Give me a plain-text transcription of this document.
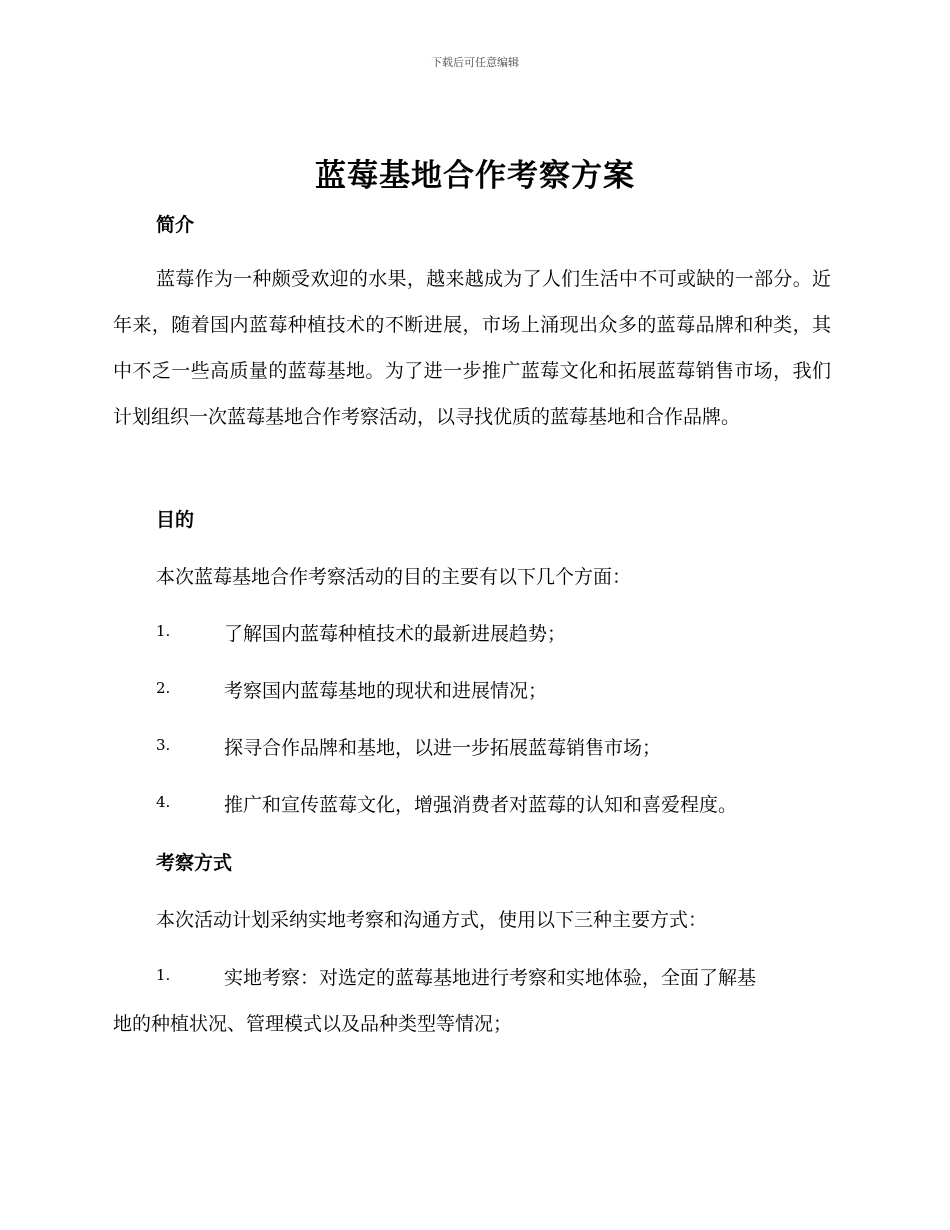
下载后可任意编辑
蓝莓基地合作考察方案
简介
蓝莓作为一种颇受欢迎的水果，越来越成为了人们生活中不可或缺的一部分。近年来，随着国内蓝莓种植技术的不断进展，市场上涌现出众多的蓝莓品牌和种类，其中不乏一些高质量的蓝莓基地。为了进一步推广蓝莓文化和拓展蓝莓销售市场，我们计划组织一次蓝莓基地合作考察活动，以寻找优质的蓝莓基地和合作品牌。
目的
本次蓝莓基地合作考察活动的目的主要有以下几个方面：
1.	了解国内蓝莓种植技术的最新进展趋势；
2.	考察国内蓝莓基地的现状和进展情况；
3.	探寻合作品牌和基地，以进一步拓展蓝莓销售市场；
4.	推广和宣传蓝莓文化，增强消费者对蓝莓的认知和喜爱程度。
考察方式
本次活动计划采纳实地考察和沟通方式，使用以下三种主要方式：
1.	实地考察：对选定的蓝莓基地进行考察和实地体验，全面了解基
地的种植状况、管理模式以及品种类型等情况；
